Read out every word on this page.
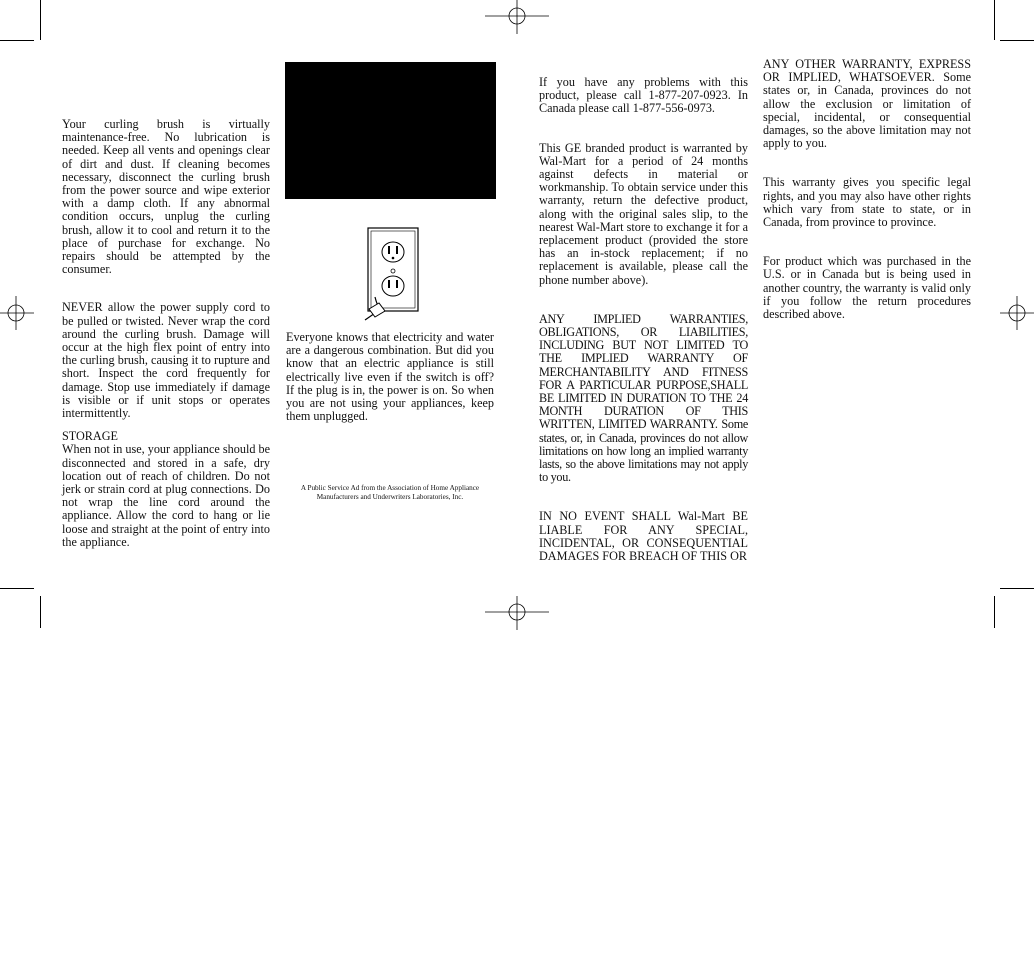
Your curling brush is virtually maintenance-free. No lubrication is needed. Keep all vents and openings clear of dirt and dust. If cleaning becomes necessary, disconnect the curling brush from the power source and wipe exterior with a damp cloth. If any abnormal condition occurs, unplug the curling brush, allow it to cool and return it to the place of purchase for exchange. No repairs should be attempted by the consumer.

NEVER allow the power supply cord to be pulled or twisted. Never wrap the cord around the curling brush. Damage will occur at the high flex point of entry into the curling brush, causing it to rupture and short. Inspect the cord frequently for damage. Stop use immediately if damage is visible or if unit stops or operates intermittently.

STORAGE

When not in use, your appliance should be disconnected and stored in a safe, dry location out of reach of children. Do not jerk or strain cord at plug connections. Do not wrap the line cord around the appliance. Allow the cord to hang or lie loose and straight at the point of entry into the appliance.

Everyone knows that electricity and water are a dangerous combination. But did you know that an electric appliance is still electrically live even if the switch is off? If the plug is in, the power is on. So when you are not using your appliances, keep them unplugged.

A Public Service Ad from the Association of Home Appliance
Manufacturers and Underwriters Laboratories, Inc.

If you have any problems with this product, please call 1-877-207-0923. In Canada please call 1-877-556-0973.

This GE branded product is warranted by Wal-Mart for a period of 24 months against defects in material or workmanship. To obtain service under this warranty, return the defective product, along with the original sales slip, to the nearest Wal-Mart store to exchange it for a replacement product (provided the store has an in-stock replacement; if no replacement is available, please call the phone number above).

ANY IMPLIED WARRANTIES, OBLIGATIONS, OR LIABILITIES, INCLUDING BUT NOT LIMITED TO THE IMPLIED WARRANTY OF MERCHANTABILITY AND FITNESS FOR A PARTICULAR PURPOSE,SHALL BE LIMITED IN DURATION TO THE 24 MONTH DURATION OF THIS WRITTEN, LIMITED WARRANTY. Some states, or, in Canada, provinces do not allow limitations on how long an implied warranty lasts, so the above limitations may not apply to you.

IN NO EVENT SHALL Wal-Mart BE LIABLE FOR ANY SPECIAL, INCIDENTAL, OR CONSEQUENTIAL DAMAGES FOR BREACH OF THIS OR

ANY OTHER WARRANTY, EXPRESS OR IMPLIED, WHATSOEVER. Some states or, in Canada, provinces do not allow the exclusion or limitation of special, incidental, or consequential damages, so the above limitation may not apply to you.

This warranty gives you specific legal rights, and you may also have other rights which vary from state to state, or in Canada, from province to province.

For product which was purchased in the U.S. or in Canada but is being used in another country, the warranty is valid only if you follow the return procedures described above.
